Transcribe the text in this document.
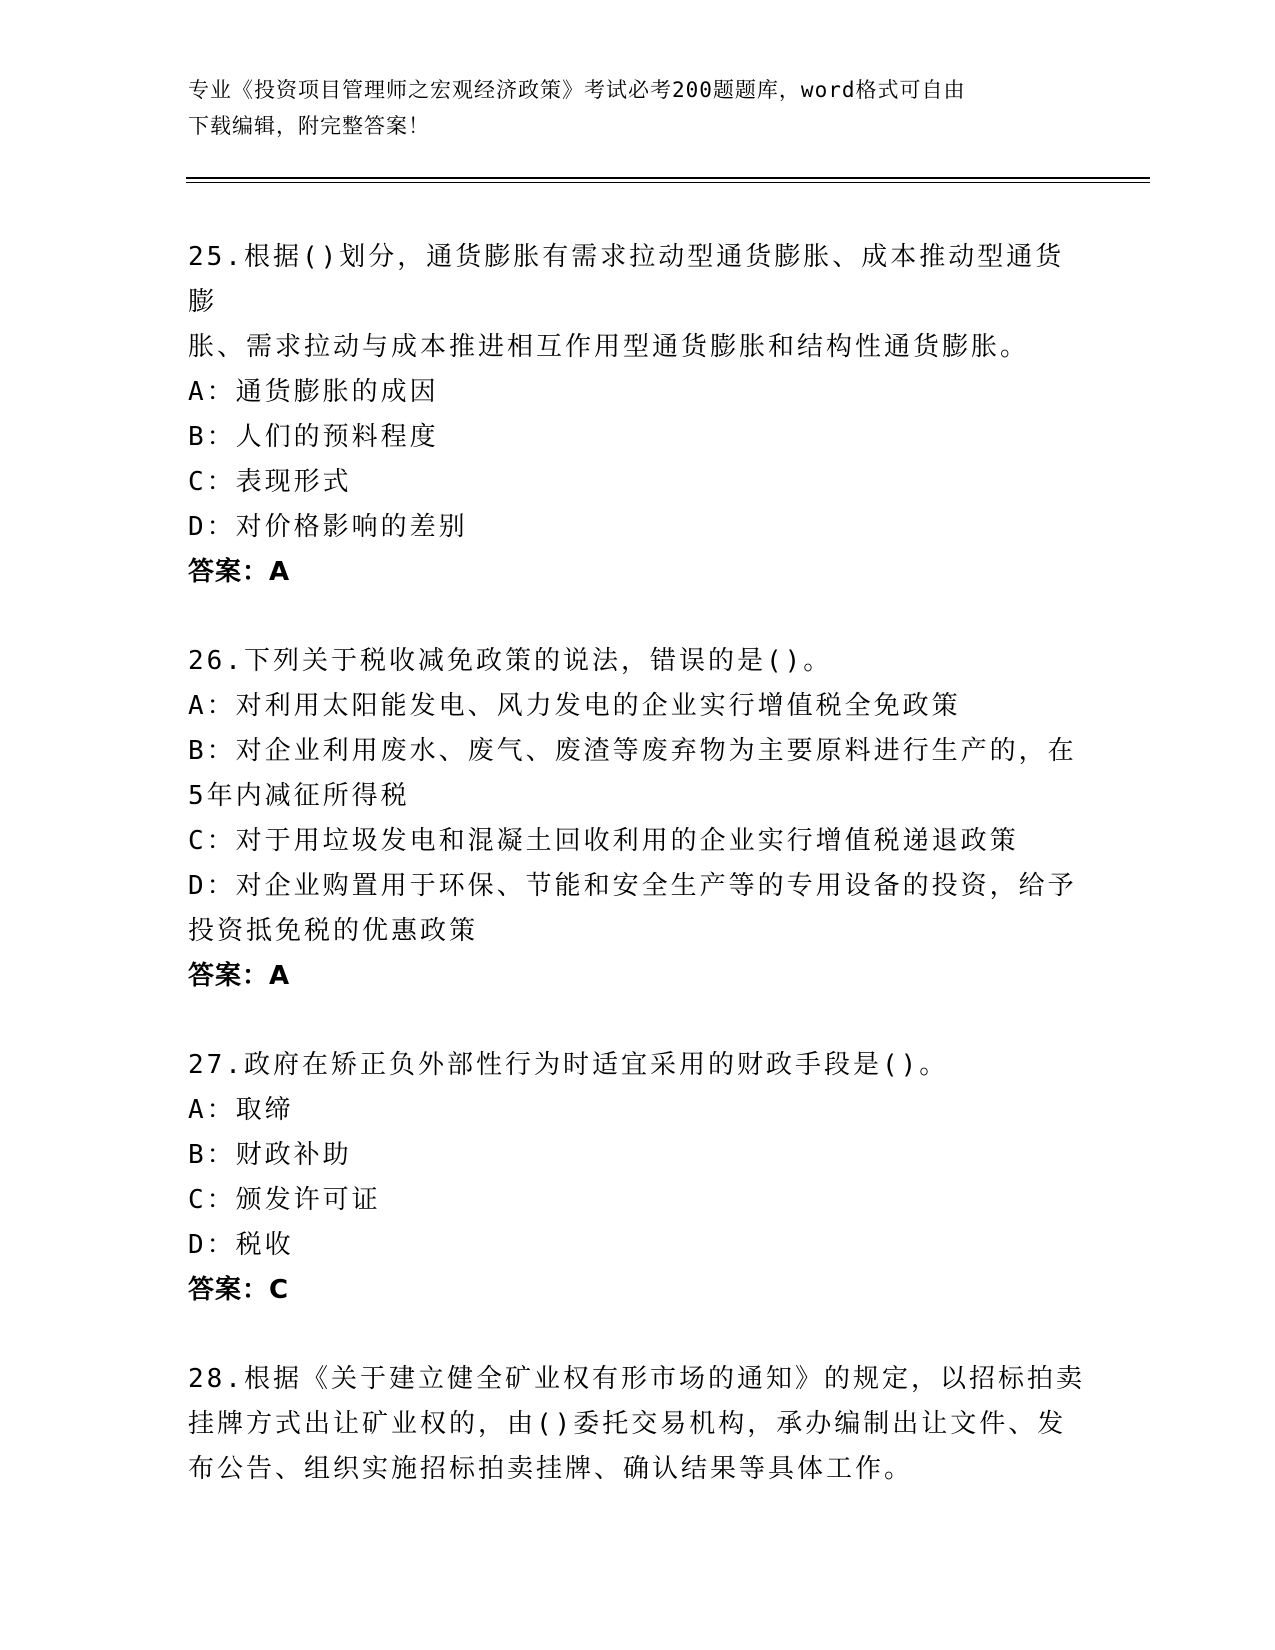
专业《投资项目管理师之宏观经济政策》考试必考200题题库，word格式可自由
下载编辑，附完整答案！
25.根据()划分，通货膨胀有需求拉动型通货膨胀、成本推动型通货膨
胀、需求拉动与成本推进相互作用型通货膨胀和结构性通货膨胀。
A：通货膨胀的成因
B：人们的预料程度
C：表现形式
D：对价格影响的差别
答案：A
26.下列关于税收减免政策的说法，错误的是()。
A：对利用太阳能发电、风力发电的企业实行增值税全免政策
B：对企业利用废水、废气、废渣等废弃物为主要原料进行生产的，在
5年内减征所得税
C：对于用垃圾发电和混凝土回收利用的企业实行增值税递退政策
D：对企业购置用于环保、节能和安全生产等的专用设备的投资，给予
投资抵免税的优惠政策
答案：A
27.政府在矫正负外部性行为时适宜采用的财政手段是()。
A：取缔
B：财政补助
C：颁发许可证
D：税收
答案：C
28.根据《关于建立健全矿业权有形市场的通知》的规定，以招标拍卖
挂牌方式出让矿业权的，由()委托交易机构，承办编制出让文件、发
布公告、组织实施招标拍卖挂牌、确认结果等具体工作。
